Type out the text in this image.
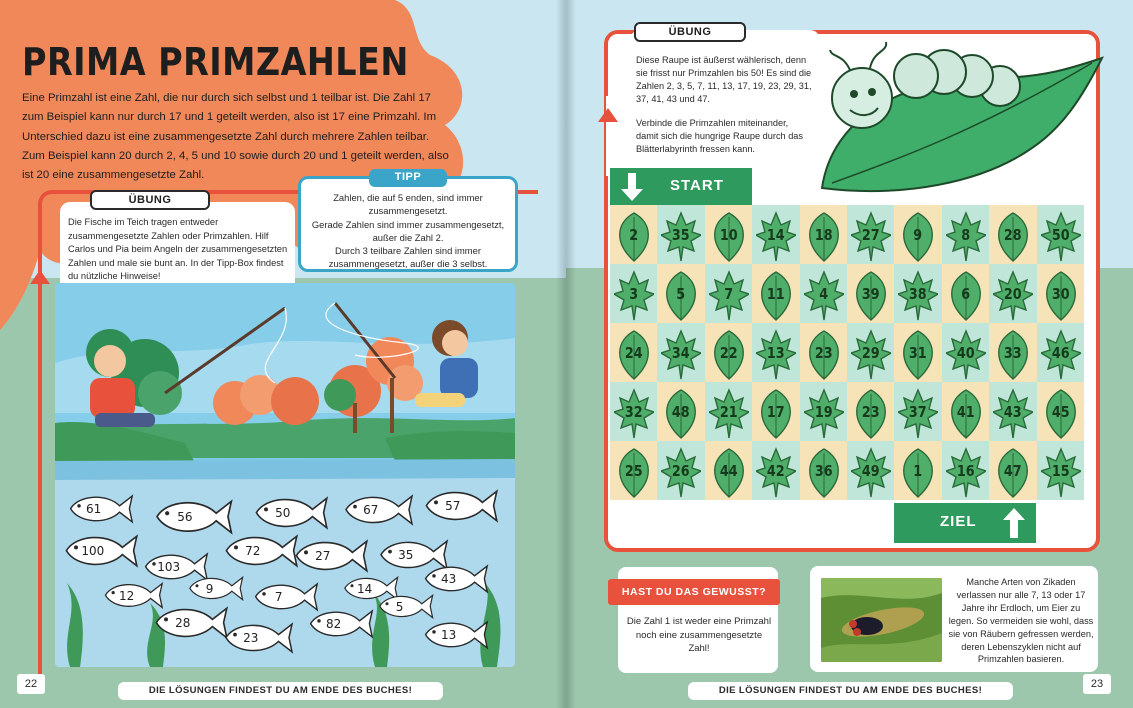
PRIMA PRIMZAHLEN
Eine Primzahl ist eine Zahl, die nur durch sich selbst und 1 teilbar ist. Die Zahl 17 zum Beispiel kann nur durch 17 und 1 geteilt werden, also ist 17 eine Primzahl. Im Unterschied dazu ist eine zusammengesetzte Zahl durch mehrere Zahlen teilbar. Zum Beispiel kann 20 durch 2, 4, 5 und 10 sowie durch 20 und 1 geteilt werden, also ist 20 eine zusammengesetzte Zahl.
ÜBUNG
Die Fische im Teich tragen entweder zusammengesetzte Zahlen oder Primzahlen. Hilf Carlos und Pia beim Angeln der zusammengesetzten Zahlen und male sie bunt an. In der Tipp-Box findest du nützliche Hinweise!
TIPP
Zahlen, die auf 5 enden, sind immer zusammengesetzt.
Gerade Zahlen sind immer zusammengesetzt, außer die Zahl 2.
Durch 3 teilbare Zahlen sind immer zusammengesetzt, außer die 3 selbst.
61
56	50	67	57
100
103
72	27	35
12	9
7
14
43
28
23
82
5
13
22
DIE LÖSUNGEN FINDEST DU AM ENDE DES BUCHES!
ÜBUNG

Diese Raupe ist äußerst wählerisch, denn sie frisst nur Primzahlen bis 50! Es sind die Zahlen 2, 3, 5, 7, 11, 13, 17, 19, 23, 29, 31, 37, 41, 43 und 47.

Verbinde die Primzahlen miteinander, damit sich die hungrige Raupe durch das Blätterlabyrinth fressen kann.

START
2	35	10	14	18	27	9	8	28	50
3	5	7	11	4	39	38	6	20	30
24	34	22	13	23	29	31	40	33	46
32	48	21	17	19	23	37	41	43	45
25	26	44	42	36	49	1	16	47	15
ZIEL
HAST DU DAS GEWUSST?
Die Zahl 1 ist weder eine Primzahl noch eine zusammengesetzte Zahl!
Manche Arten von Zikaden verlassen nur alle 7, 13 oder 17 Jahre ihr Erdloch, um Eier zu legen. So vermeiden sie wohl, dass sie von Räubern gefressen werden, deren Lebenszyklen nicht auf Primzahlen basieren.
23
DIE LÖSUNGEN FINDEST DU AM ENDE DES BUCHES!
